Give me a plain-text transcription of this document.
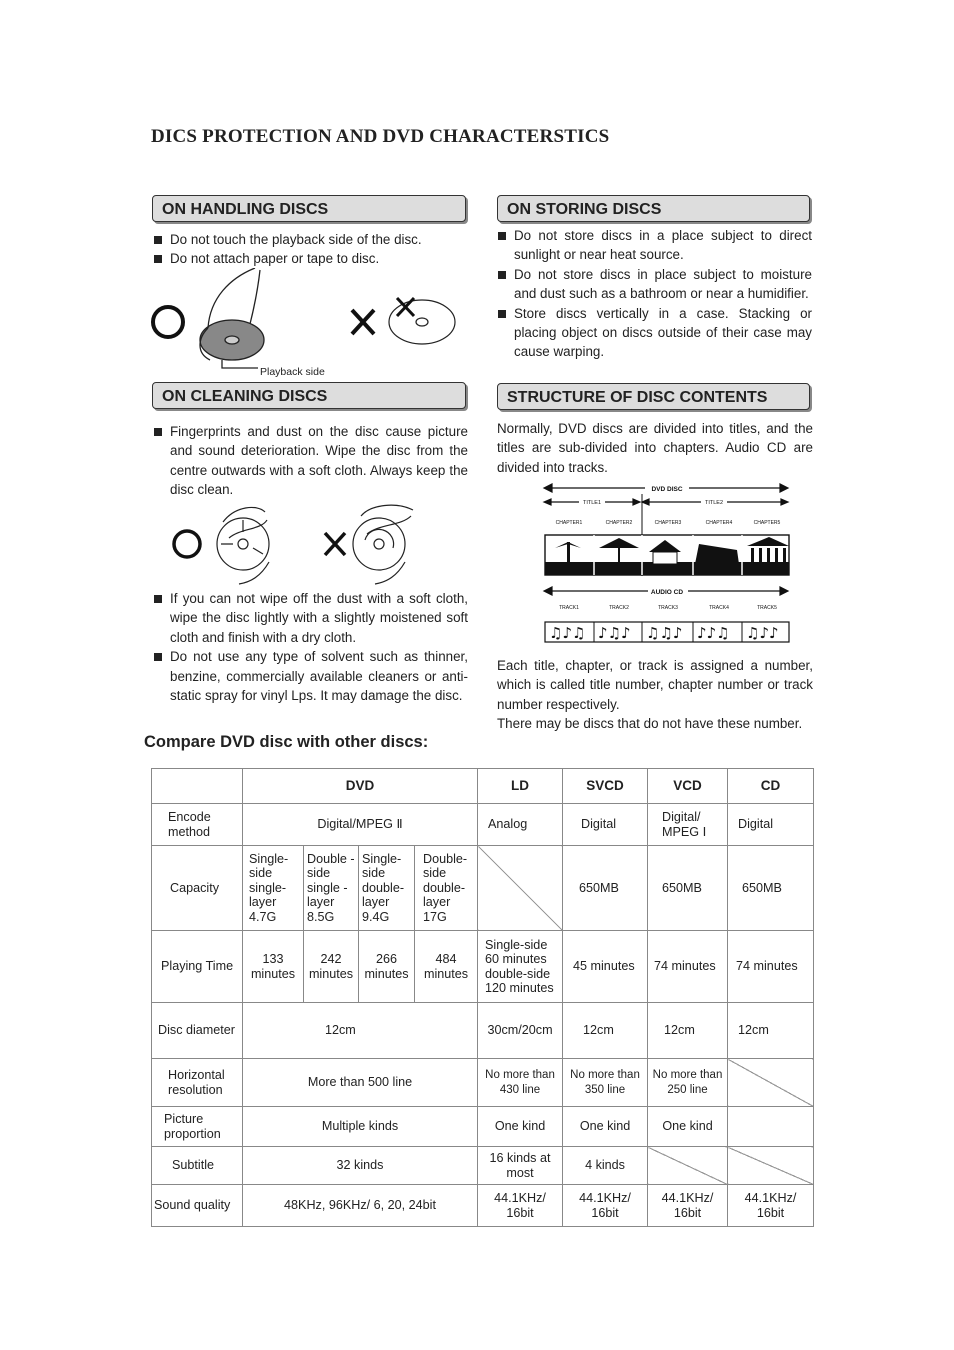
DICS PROTECTION AND DVD CHARACTERSTICS
ON HANDLING DISCS
Do not touch the playback side of the disc.
Do not attach paper or tape to disc.
Playback side
ON CLEANING DISCS
Fingerprints and dust on the disc cause picture and sound deterioration. Wipe the disc from the centre outwards with a soft cloth. Always keep the disc clean.
If you can not wipe off the dust with a soft cloth, wipe the disc lightly with a slightly moistened soft cloth and finish with a dry cloth.
Do not use any type of solvent such as thinner, benzine, commercially available cleaners or anti-static spray for vinyl Lps. It may damage the disc.
ON STORING DISCS
Do not store discs in a place subject to direct sunlight or near heat source.
Do not store discs in place subject to moisture and dust such as a bathroom or near a humidifier.
Store discs vertically in a case. Stacking or placing object on discs outside of their case may cause warping.
STRUCTURE OF DISC CONTENTS
Normally, DVD discs are divided into titles, and the titles are sub-divided into chapters. Audio CD are divided into tracks.
DVD DISC
TITLE1	TITLE2
CHAPTER1	CHAPTER2	CHAPTER3	CHAPTER4	CHAPTER5
AUDIO CD
TRACK1	TRACK2	TRACK3	TRACK4	TRACK5
♫♪♫ ♪♫♪ ♫♫♪ ♪♪♫ ♫♪♪
Each title, chapter, or track is assigned a number, which is called title number, chapter number or track number respectively.
There may be discs that do not have these number.
Compare DVD disc with other discs:
	DVD				LD	SVCD	VCD	CD
Encode method	Digital/MPEG Ⅱ				Analog	Digital	Digital/ MPEG Ⅰ	Digital
Capacity	Single-side single-layer 4.7G	Double -side single -layer 8.5G	Single-side double-layer 9.4G	Double-side double-layer 17G		650MB	650MB	650MB
Playing Time	133 minutes	242 minutes	266 minutes	484 minutes	Single-side 60 minutes double-side 120 minutes	45 minutes	74 minutes	74 minutes
Disc diameter	12cm				30cm/20cm	12cm	12cm	12cm
Horizontal resolution	More than 500 line				No more than 430 line	No more than 350 line	No more than 250 line	
Picture proportion	Multiple kinds				One kind	One kind	One kind	
Subtitle	32 kinds				16 kinds at most	4 kinds		
Sound quality	48KHz, 96KHz/ 6, 20, 24bit				44.1KHz/ 16bit	44.1KHz/ 16bit	44.1KHz/ 16bit	44.1KHz/ 16bit
